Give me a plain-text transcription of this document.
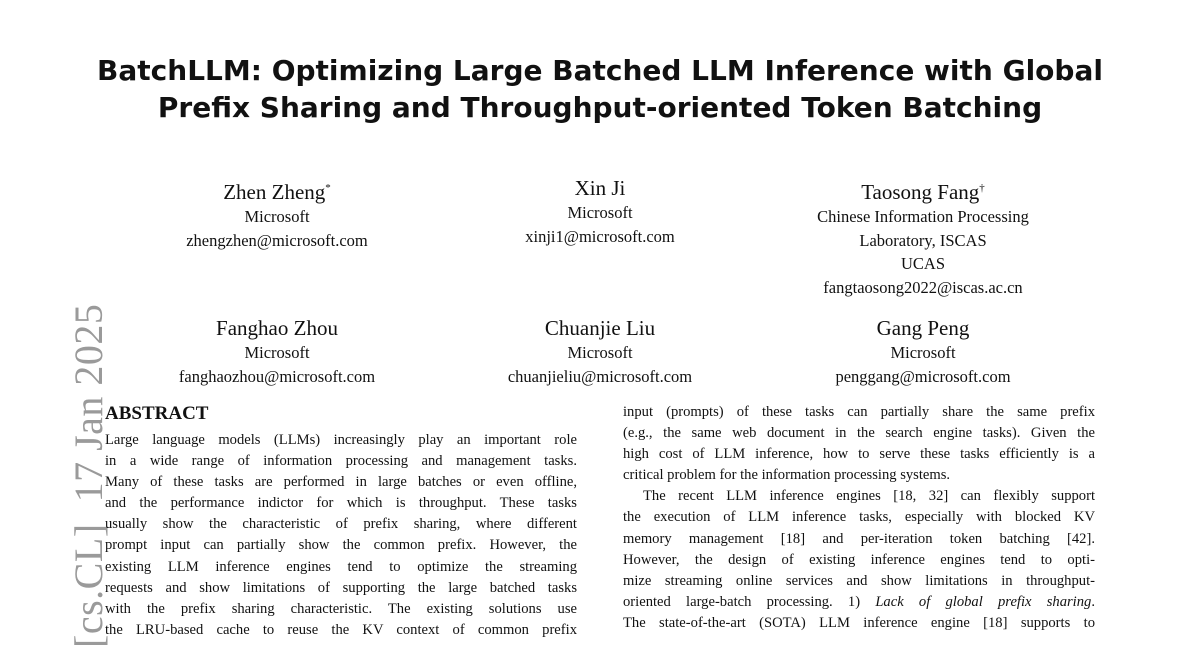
[cs.CL]  17 Jan 2025
BatchLLM: Optimizing Large Batched LLM Inference with Global
Prefix Sharing and Throughput-oriented Token Batching
Zhen Zheng*
Microsoft
zhengzhen@microsoft.com
Xin Ji
Microsoft
xinji1@microsoft.com
Taosong Fang†
Chinese Information Processing
Laboratory, ISCAS
UCAS
fangtaosong2022@iscas.ac.cn
Fanghao Zhou
Microsoft
fanghaozhou@microsoft.com
Chuanjie Liu
Microsoft
chuanjieliu@microsoft.com
Gang Peng
Microsoft
penggang@microsoft.com
ABSTRACT

Large language models (LLMs) increasingly play an important role
in a wide range of information processing and management tasks.
Many of these tasks are performed in large batches or even offline,
and the performance indictor for which is throughput. These tasks
usually show the characteristic of prefix sharing, where different
prompt input can partially show the common prefix. However, the
existing LLM inference engines tend to optimize the streaming
requests and show limitations of supporting the large batched tasks
with the prefix sharing characteristic. The existing solutions use
the LRU-based cache to reuse the KV context of common prefix

input (prompts) of these tasks can partially share the same prefix
(e.g., the same web document in the search engine tasks). Given the
high cost of LLM inference, how to serve these tasks efficiently is a
critical problem for the information processing systems.

The recent LLM inference engines [18, 32] can flexibly support
the execution of LLM inference tasks, especially with blocked KV
memory management [18] and per-iteration token batching [42].
However, the design of existing inference engines tend to opti-
mize streaming online services and show limitations in throughput-
oriented large-batch processing. 1) Lack of global prefix sharing.
The state-of-the-art (SOTA) LLM inference engine [18] supports to
